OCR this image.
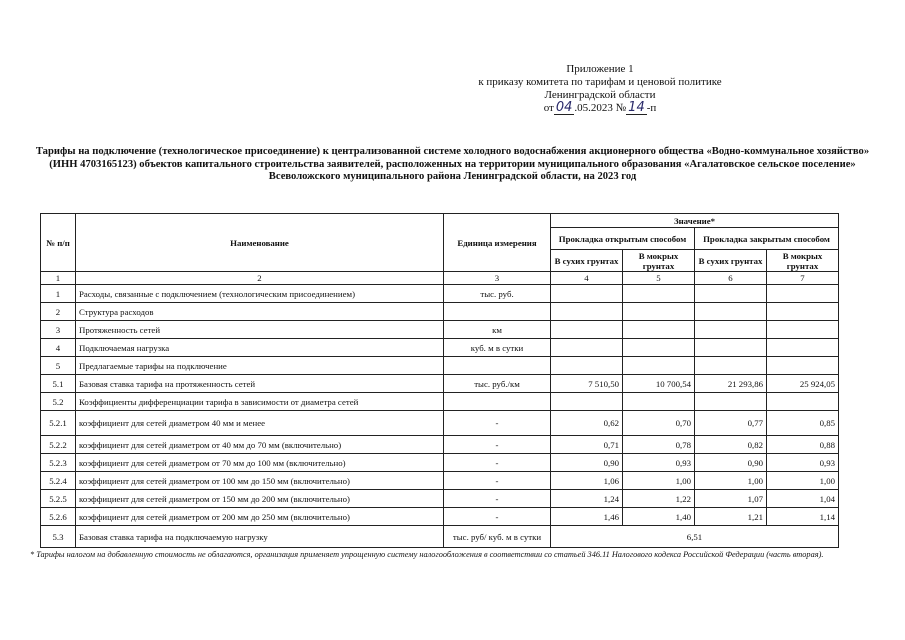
Приложение 1
к приказу комитета по тарифам и ценовой политике
Ленинградской области
от 04 .05.2023 № 14 -п
Тарифы на подключение (технологическое присоединение) к централизованной системе холодного водоснабжения акционерного общества «Водно-коммунальное хозяйство» (ИНН 4703165123) объектов капитального строительства заявителей, расположенных на территории муниципального образования «Агалатовское сельское поселение» Всеволожского муниципального района Ленинградской области, на 2023 год
№ п/п	Наименование	Единица измерения	Значение*			
			Прокладка открытым способом		Прокладка закрытым способом	
			В сухих грунтах	В мокрых грунтах	В сухих грунтах	В мокрых грунтах
1	2	3	4	5	6	7
1	Расходы, связанные с подключением (технологическим присоединением)	тыс. руб.				
2	Структура расходов					
3	Протяженность сетей	км				
4	Подключаемая нагрузка	куб. м в сутки				
5	Предлагаемые тарифы на подключение					
5.1	Базовая ставка тарифа на протяженность сетей	тыс. руб./км	7 510,50	10 700,54	21 293,86	25 924,05
5.2	Коэффициенты дифференциации тарифа в зависимости от диаметра сетей					
5.2.1	коэффициент для сетей диаметром 40 мм и менее	-	0,62	0,70	0,77	0,85
5.2.2	коэффициент для сетей диаметром от 40 мм до 70 мм (включительно)	-	0,71	0,78	0,82	0,88
5.2.3	коэффициент для сетей диаметром от 70 мм до 100 мм (включительно)	-	0,90	0,93	0,90	0,93
5.2.4	коэффициент для сетей диаметром от 100 мм до 150 мм (включительно)	-	1,06	1,00	1,00	1,00
5.2.5	коэффициент для сетей диаметром от 150 мм до 200 мм (включительно)	-	1,24	1,22	1,07	1,04
5.2.6	коэффициент для сетей диаметром от 200 мм до 250 мм (включительно)	-	1,46	1,40	1,21	1,14
5.3	Базовая ставка тарифа на подключаемую нагрузку	тыс. руб/ куб. м в сутки	6,51			
* Тарифы налогом на добавленную стоимость не облагаются, организация применяет упрощенную систему налогообложения в соответствии со статьей 346.11 Налогового кодекса Российской Федерации (часть вторая).
